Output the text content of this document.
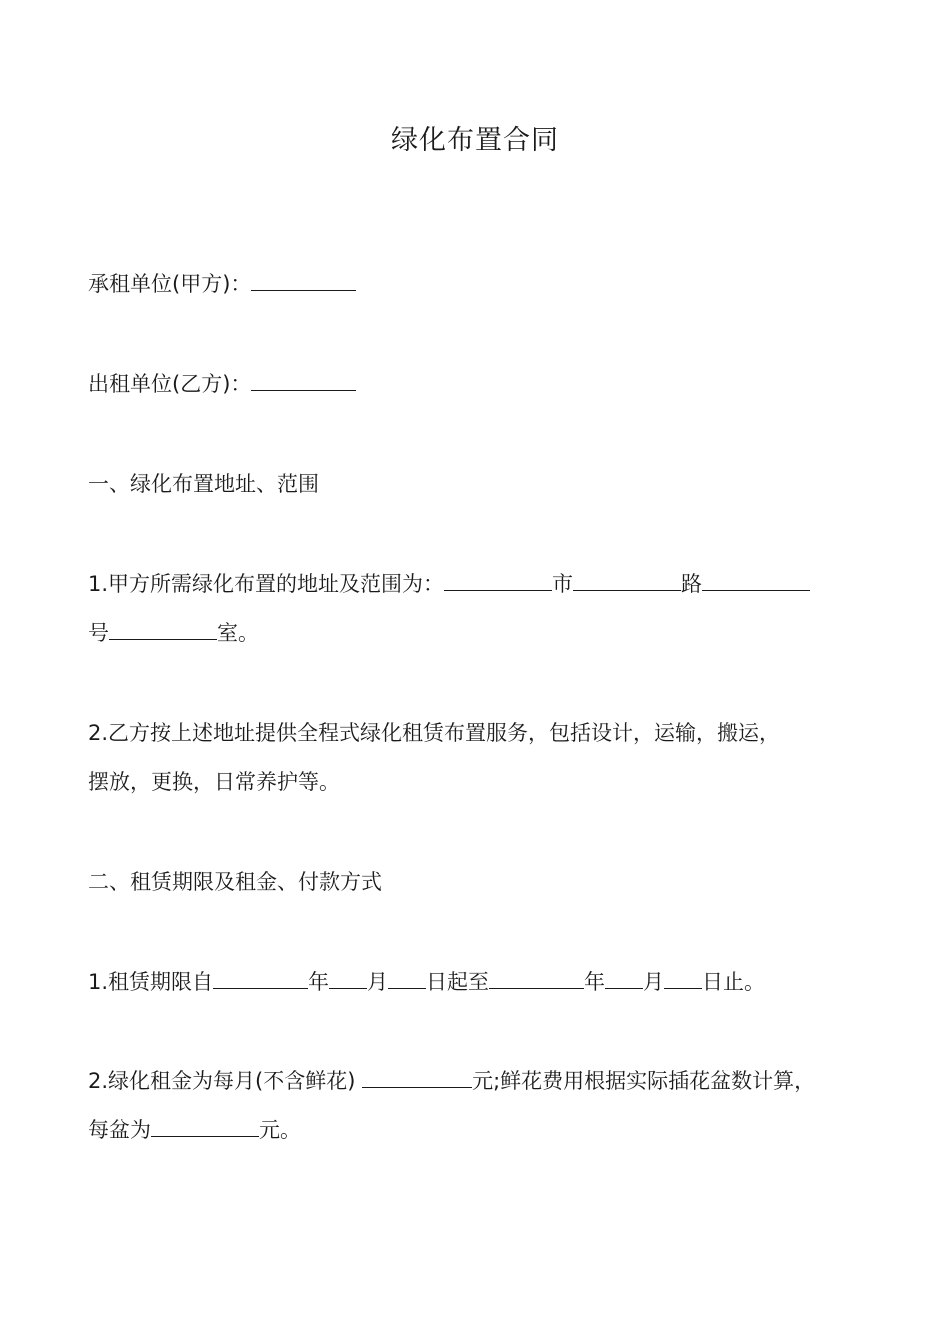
绿化布置合同
承租单位(甲方)：
出租单位(乙方)：
一、绿化布置地址、范围
1.甲方所需绿化布置的地址及范围为：	市	路
号	室。
2.乙方按上述地址提供全程式绿化租赁布置服务，包括设计，运输，搬运，
摆放，更换，日常养护等。
二、租赁期限及租金、付款方式
1.租赁期限自	年 月 日起至	年 月 日止。
2.绿化租金为每月(不含鲜花)	元;鲜花费用根据实际插花盆数计算，
每盆为	元。
